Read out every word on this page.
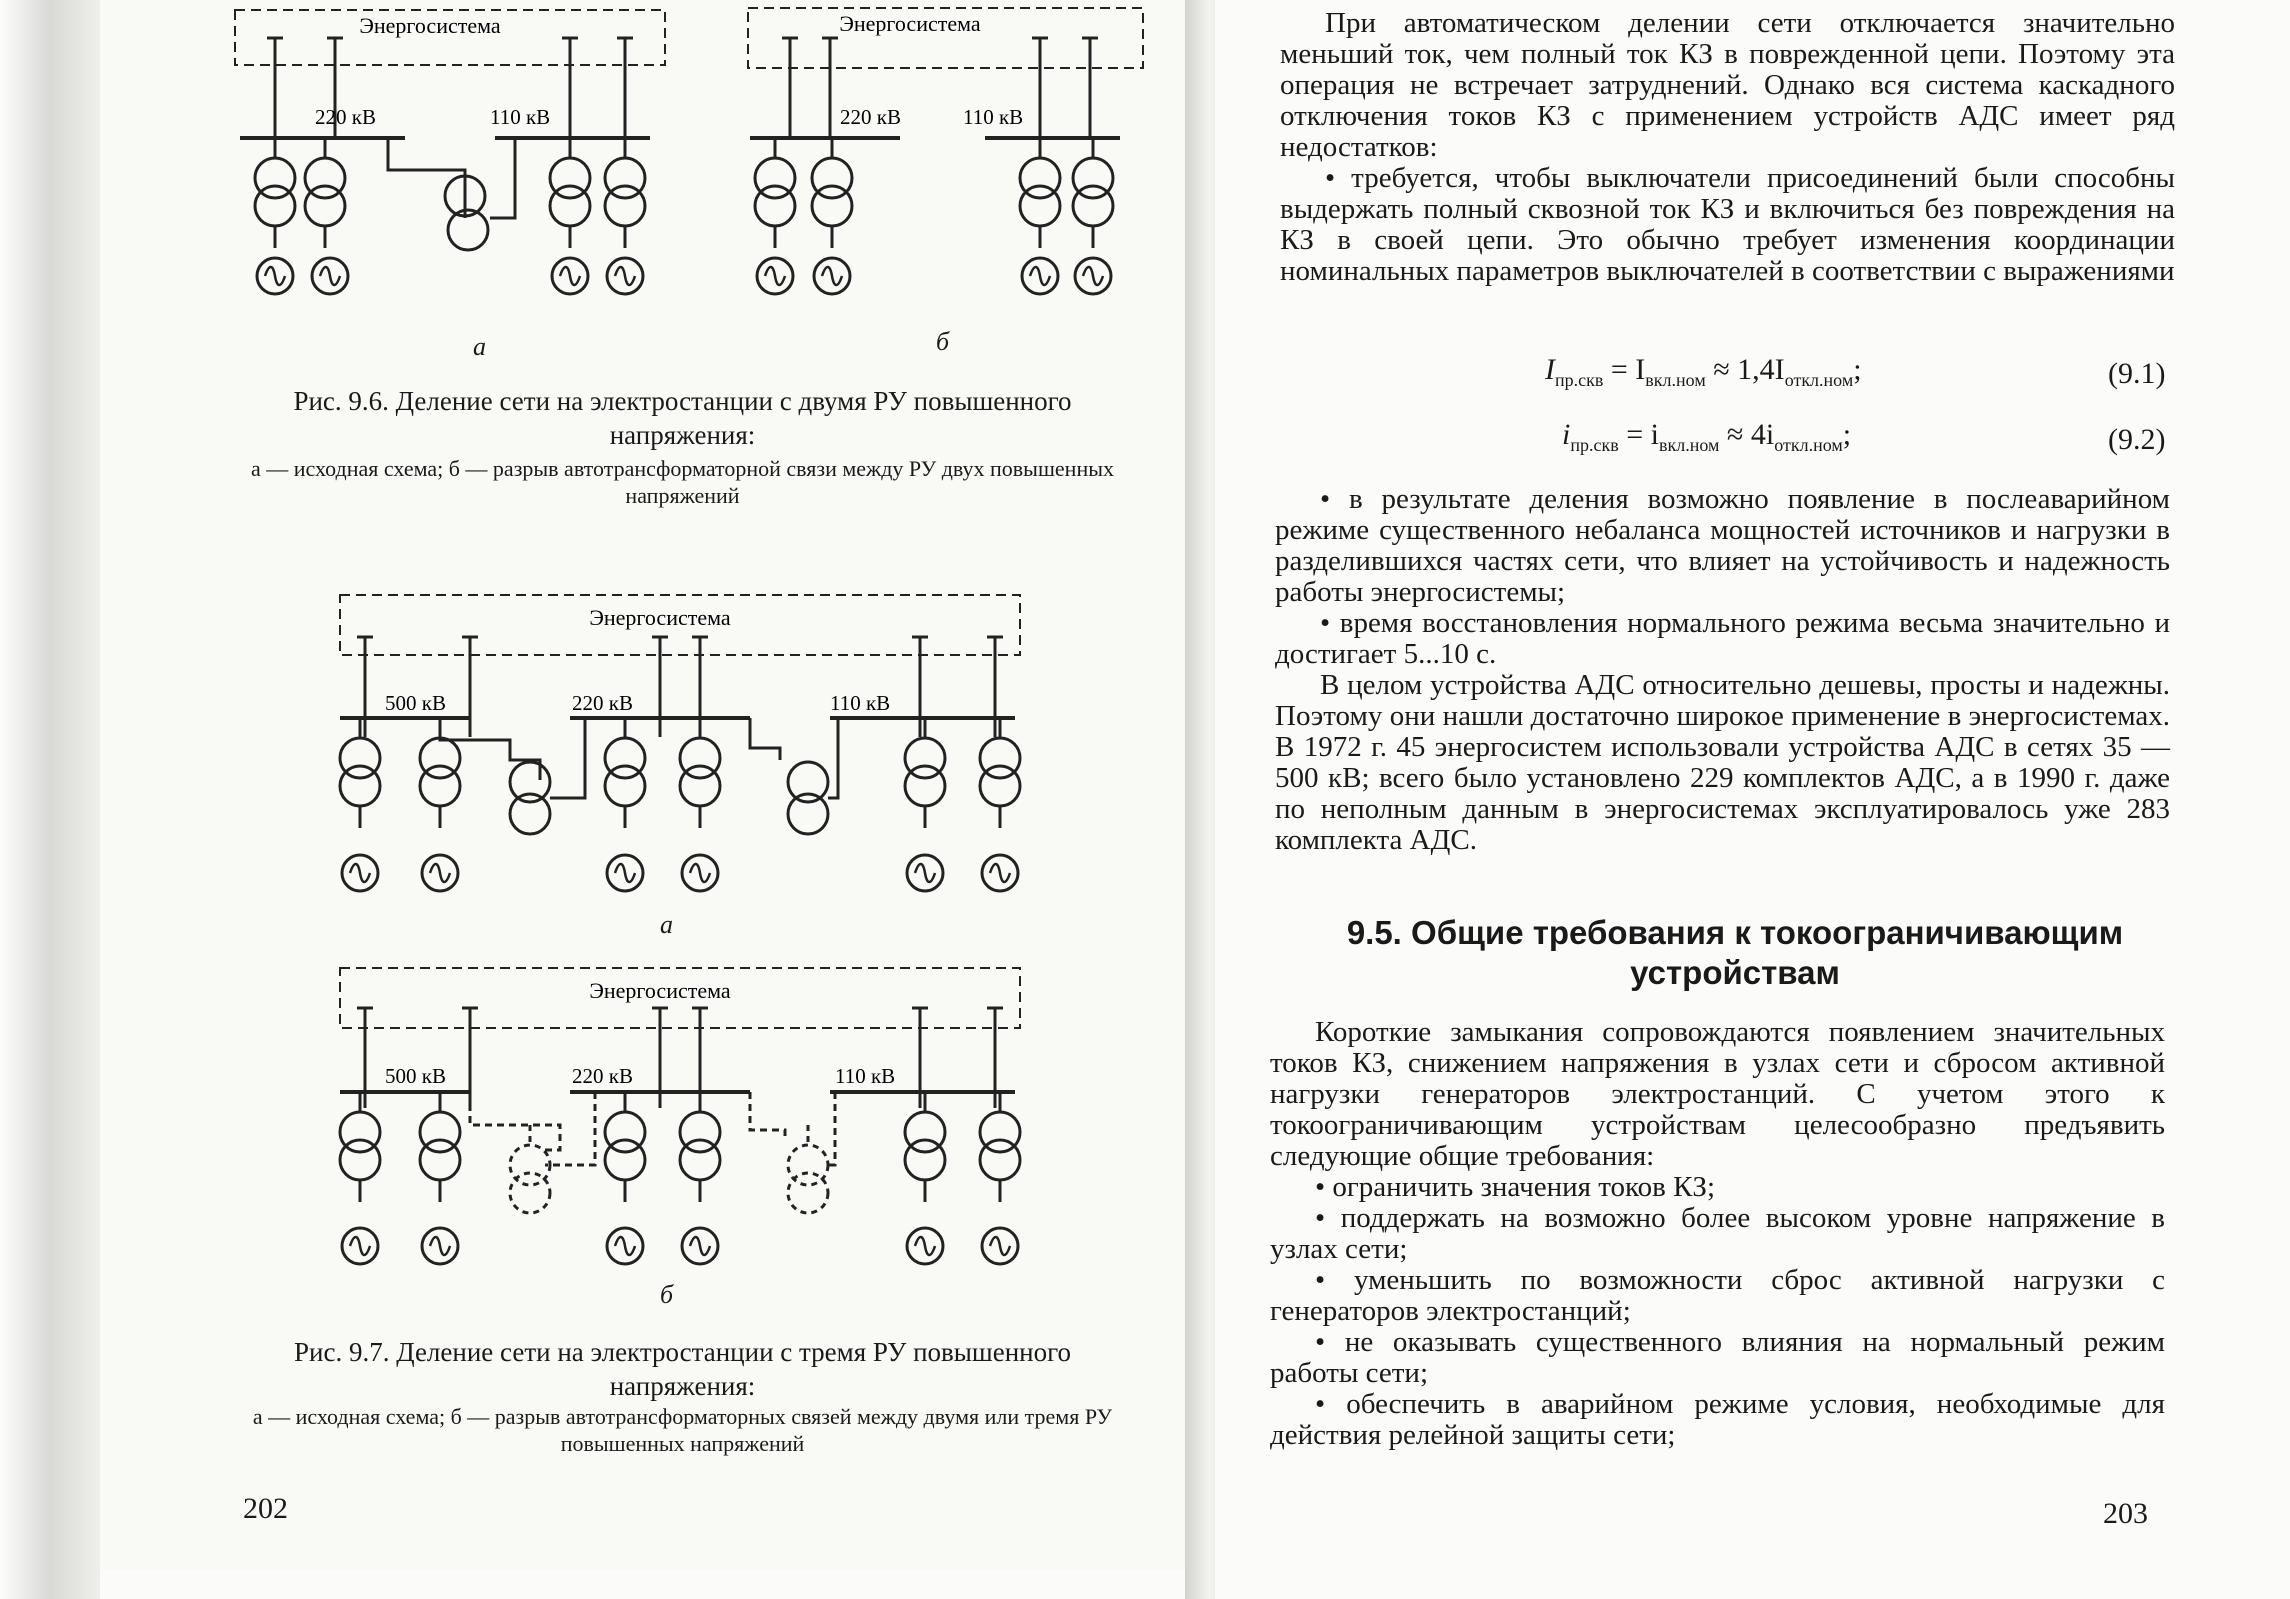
Энергосистема
220 кВ	110 кВ
Энергосистема
220 кВ	110 кВ
Энергосистема
500 кВ	220 кВ	110 кВ
Энергосистема
500 кВ	220 кВ	110 кВ
а	б
Рис. 9.6. Деление сети на электростанции с двумя РУ повышенного напряжения:
а — исходная схема; б — разрыв автотрансформаторной связи между РУ двух повышенных напряжений
а
б
Рис. 9.7. Деление сети на электростанции с тремя РУ повышенного напряжения:
а — исходная схема; б — разрыв автотрансформаторных связей между двумя или тремя РУ повышенных напряжений
202

При автоматическом делении сети отключается значительно меньший ток, чем полный ток КЗ в поврежденной цепи. Поэтому эта операция не встречает затруднений. Однако вся система каскадного отключения токов КЗ с применением устройств АДС имеет ряд недостатков:

• требуется, чтобы выключатели присоединений были способны выдержать полный сквозной ток КЗ и включиться без повреждения на КЗ в своей цепи. Это обычно требует изменения координации номинальных параметров выключателей в соответствии с выражениями

$I_{пр.скв} = I_{вкл.ном} \approx 1,4I_{откл.ном}$;	(9.1)
$i_{пр.скв} = i_{вкл.ном} \approx 4i_{откл.ном}$;	(9.2)

• в результате деления возможно появление в послеаварийном режиме существенного небаланса мощностей источников и нагрузки в разделившихся частях сети, что влияет на устойчивость и надежность работы энергосистемы;

• время восстановления нормального режима весьма значительно и достигает 5...10 с.

В целом устройства АДС относительно дешевы, просты и надежны. Поэтому они нашли достаточно широкое применение в энергосистемах. В 1972 г. 45 энергосистем использовали устройства АДС в сетях 35 — 500 кВ; всего было установлено 229 комплектов АДС, а в 1990 г. даже по неполным данным в энергосистемах эксплуатировалось уже 283 комплекта АДС.

9.5. Общие требования к токоограничивающим устройствам

Короткие замыкания сопровождаются появлением значительных токов КЗ, снижением напряжения в узлах сети и сбросом активной нагрузки генераторов электростанций. С учетом этого к токоограничивающим устройствам целесообразно предъявить следующие общие требования:

• ограничить значения токов КЗ;

• поддержать на возможно более высоком уровне напряжение в узлах сети;

• уменьшить по возможности сброс активной нагрузки с генераторов электростанций;

• не оказывать существенного влияния на нормальный режим работы сети;

• обеспечить в аварийном режиме условия, необходимые для действия релейной защиты сети;

203
